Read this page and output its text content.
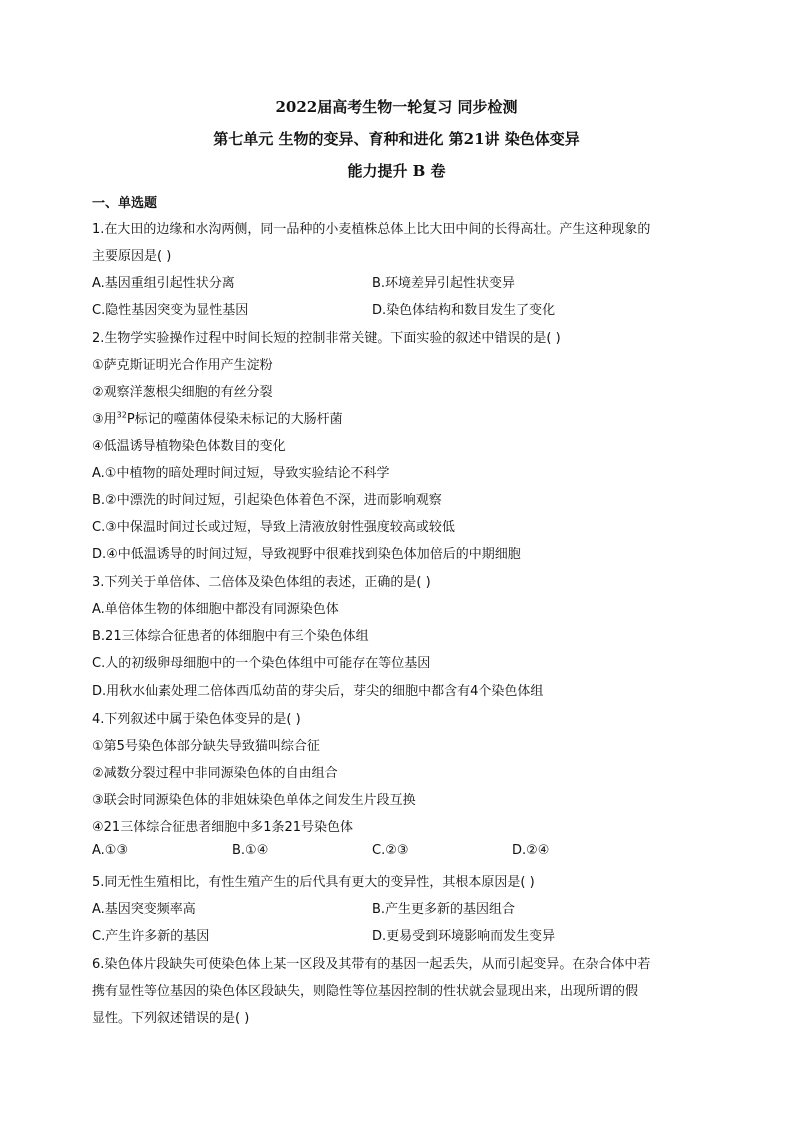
2022届高考生物一轮复习 同步检测
第七单元 生物的变异、育种和进化 第21讲 染色体变异
能力提升 B 卷
一、单选题
1.在大田的边缘和水沟两侧，同一品种的小麦植株总体上比大田中间的长得高壮。产生这种现象的
主要原因是( )
A.基因重组引起性状分离	B.环境差异引起性状变异
C.隐性基因突变为显性基因	D.染色体结构和数目发生了变化
2.生物学实验操作过程中时间长短的控制非常关键。下面实验的叙述中错误的是( )
①萨克斯证明光合作用产生淀粉
②观察洋葱根尖细胞的有丝分裂
③用$^{32}$P标记的噬菌体侵染未标记的大肠杆菌
④低温诱导植物染色体数目的变化
A.①中植物的暗处理时间过短，导致实验结论不科学
B.②中漂洗的时间过短，引起染色体着色不深，进而影响观察
C.③中保温时间过长或过短，导致上清液放射性强度较高或较低
D.④中低温诱导的时间过短，导致视野中很难找到染色体加倍后的中期细胞
3.下列关于单倍体、二倍体及染色体组的表述，正确的是( )
A.单倍体生物的体细胞中都没有同源染色体
B.21三体综合征患者的体细胞中有三个染色体组
C.人的初级卵母细胞中的一个染色体组中可能存在等位基因
D.用秋水仙素处理二倍体西瓜幼苗的芽尖后，芽尖的细胞中都含有4个染色体组
4.下列叙述中属于染色体变异的是( )
①第5号染色体部分缺失导致猫叫综合征
②减数分裂过程中非同源染色体的自由组合
③联会时同源染色体的非姐妹染色单体之间发生片段互换
④21三体综合征患者细胞中多1条21号染色体
A.①③	B.①④	C.②③	D.②④
5.同无性生殖相比，有性生殖产生的后代具有更大的变异性，其根本原因是( )
A.基因突变频率高	B.产生更多新的基因组合
C.产生许多新的基因	D.更易受到环境影响而发生变异
6.染色体片段缺失可使染色体上某一区段及其带有的基因一起丢失，从而引起变异。在杂合体中若
携有显性等位基因的染色体区段缺失，则隐性等位基因控制的性状就会显现出来，出现所谓的假
显性。下列叙述错误的是( )
